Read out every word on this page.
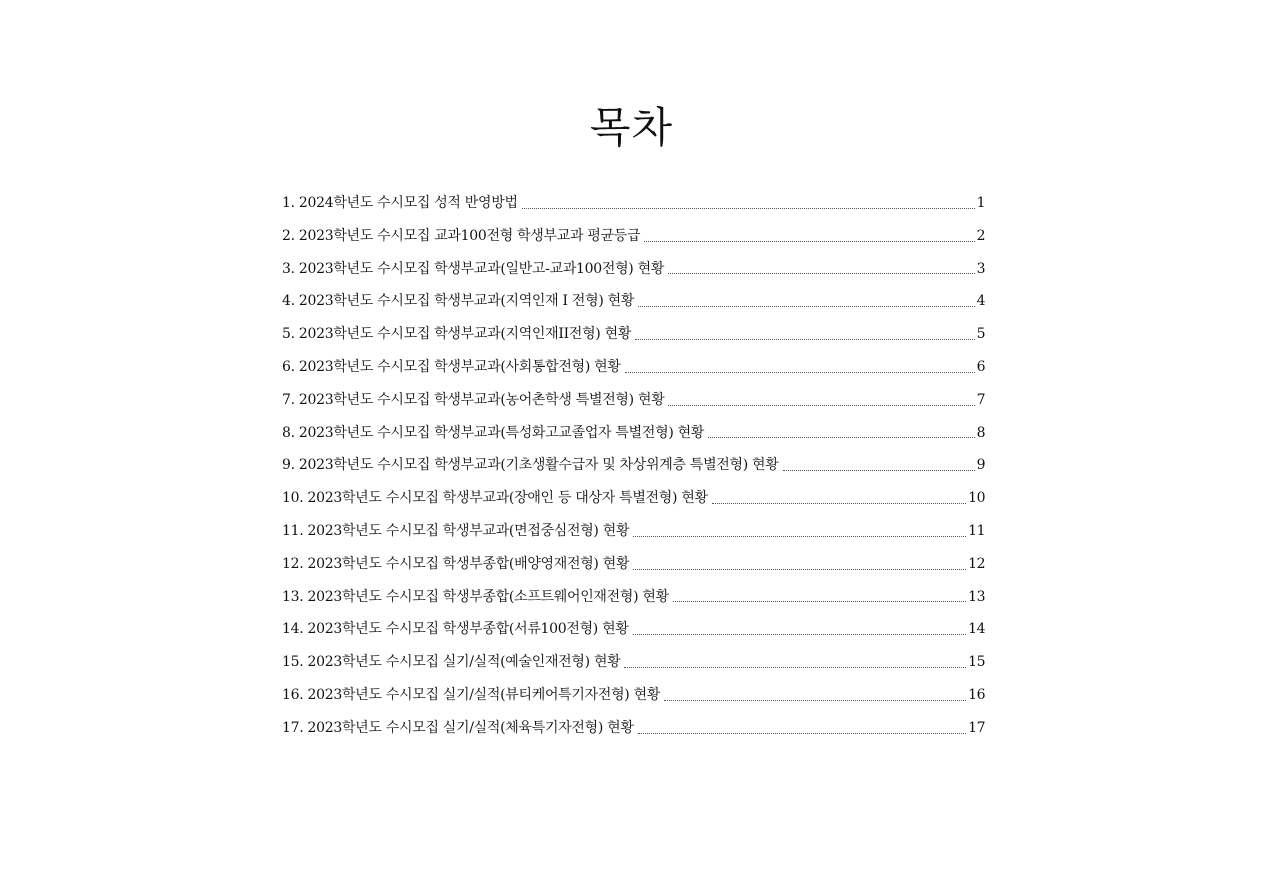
목차
1. 2024학년도 수시모집 성적 반영방법	1
2. 2023학년도 수시모집 교과100전형 학생부교과 평균등급	2
3. 2023학년도 수시모집 학생부교과(일반고-교과100전형) 현황	3
4. 2023학년도 수시모집 학생부교과(지역인재 I 전형) 현황	4
5. 2023학년도 수시모집 학생부교과(지역인재II전형) 현황	5
6. 2023학년도 수시모집 학생부교과(사회통합전형) 현황	6
7. 2023학년도 수시모집 학생부교과(농어촌학생 특별전형) 현황	7
8. 2023학년도 수시모집 학생부교과(특성화고교졸업자 특별전형) 현황	8
9. 2023학년도 수시모집 학생부교과(기초생활수급자 및 차상위계층 특별전형) 현황	9
10. 2023학년도 수시모집 학생부교과(장애인 등 대상자 특별전형) 현황	10
11. 2023학년도 수시모집 학생부교과(면접중심전형) 현황	11
12. 2023학년도 수시모집 학생부종합(배양영재전형) 현황	12
13. 2023학년도 수시모집 학생부종합(소프트웨어인재전형) 현황	13
14. 2023학년도 수시모집 학생부종합(서류100전형) 현황	14
15. 2023학년도 수시모집 실기/실적(예술인재전형) 현황	15
16. 2023학년도 수시모집 실기/실적(뷰티케어특기자전형) 현황	16
17. 2023학년도 수시모집 실기/실적(체육특기자전형) 현황	17
